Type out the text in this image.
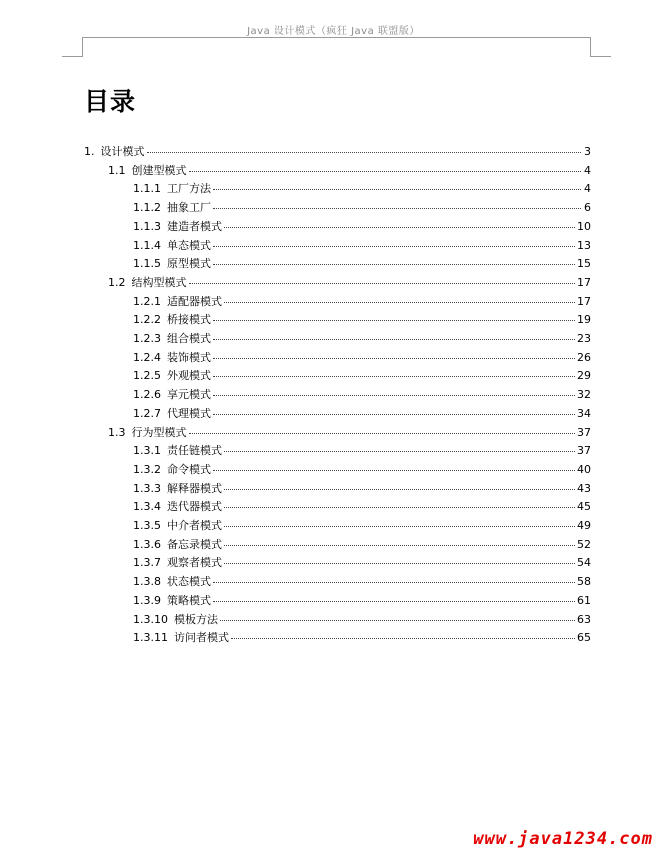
Java 设计模式（疯狂 Java 联盟版）
目录
1. 设计模式	3
1.1 创建型模式	4
1.1.1 工厂方法	4
1.1.2 抽象工厂	6
1.1.3 建造者模式	10
1.1.4 单态模式	13
1.1.5 原型模式	15
1.2 结构型模式	17
1.2.1 适配器模式	17
1.2.2 桥接模式	19
1.2.3 组合模式	23
1.2.4 装饰模式	26
1.2.5 外观模式	29
1.2.6 享元模式	32
1.2.7 代理模式	34
1.3 行为型模式	37
1.3.1 责任链模式	37
1.3.2 命令模式	40
1.3.3 解释器模式	43
1.3.4 迭代器模式	45
1.3.5 中介者模式	49
1.3.6 备忘录模式	52
1.3.7 观察者模式	54
1.3.8 状态模式	58
1.3.9 策略模式	61
1.3.10 模板方法	63
1.3.11 访问者模式	65
www.java1234.com
